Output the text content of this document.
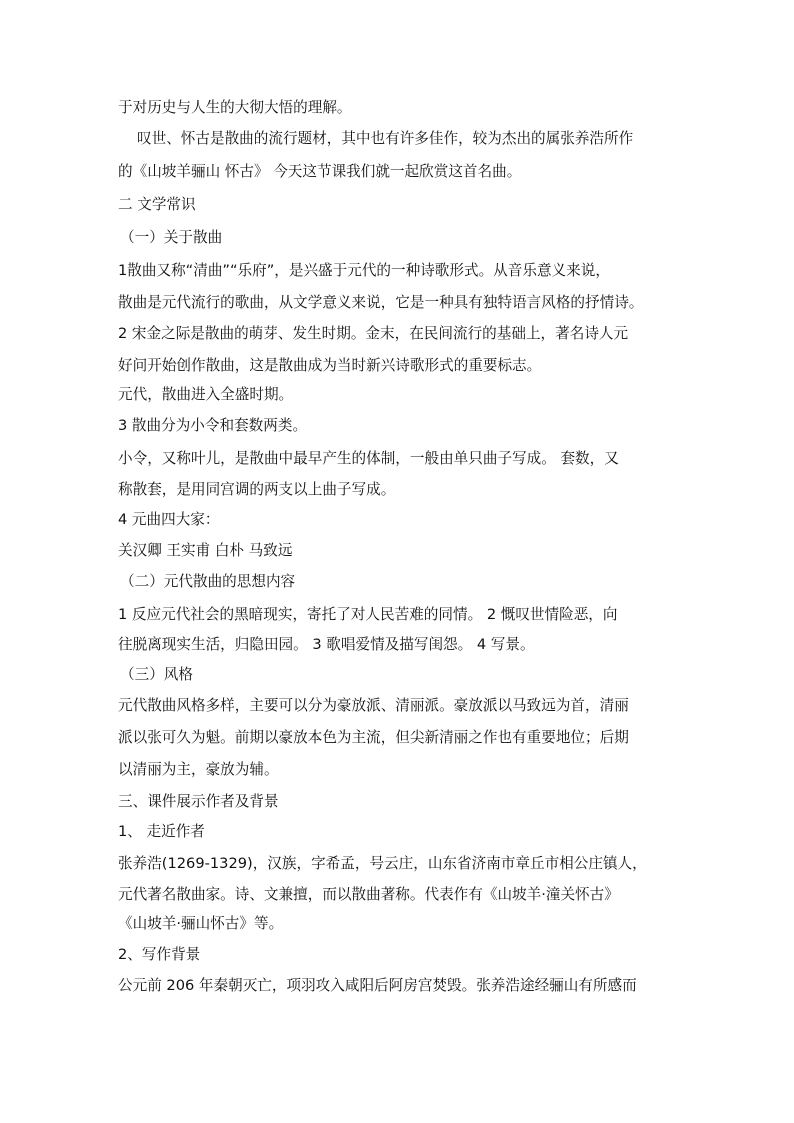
于对历史与人生的大彻大悟的理解。
叹世、怀古是散曲的流行题材，其中也有许多佳作，较为杰出的属张养浩所作
的《山坡羊骊山 怀古》 今天这节课我们就一起欣赏这首名曲。
二 文学常识
（一）关于散曲
1散曲又称“清曲”“乐府”，是兴盛于元代的一种诗歌形式。从音乐意义来说，
散曲是元代流行的歌曲，从文学意义来说，它是一种具有独特语言风格的抒情诗。
2 宋金之际是散曲的萌芽、发生时期。金末，在民间流行的基础上，著名诗人元
好问开始创作散曲，这是散曲成为当时新兴诗歌形式的重要标志。
元代，散曲进入全盛时期。
3 散曲分为小令和套数两类。
小令，又称叶儿，是散曲中最早产生的体制，一般由单只曲子写成。 套数，又
称散套，是用同宫调的两支以上曲子写成。
4 元曲四大家：
关汉卿 王实甫 白朴 马致远
（二）元代散曲的思想内容
1 反应元代社会的黑暗现实，寄托了对人民苦难的同情。 2 慨叹世情险恶，向
往脱离现实生活，归隐田园。 3 歌唱爱情及描写闺怨。 4 写景。
（三）风格
元代散曲风格多样，主要可以分为豪放派、清丽派。豪放派以马致远为首，清丽
派以张可久为魁。前期以豪放本色为主流，但尖新清丽之作也有重要地位；后期
以清丽为主，豪放为辅。
三、课件展示作者及背景
1、 走近作者
张养浩(1269-1329)，汉族，字希孟，号云庄，山东省济南市章丘市相公庄镇人，
元代著名散曲家。诗、文兼擅，而以散曲著称。代表作有《山坡羊·潼关怀古》
《山坡羊·骊山怀古》等。
2、写作背景
公元前 206 年秦朝灭亡，项羽攻入咸阳后阿房宫焚毁。张养浩途经骊山有所感而
